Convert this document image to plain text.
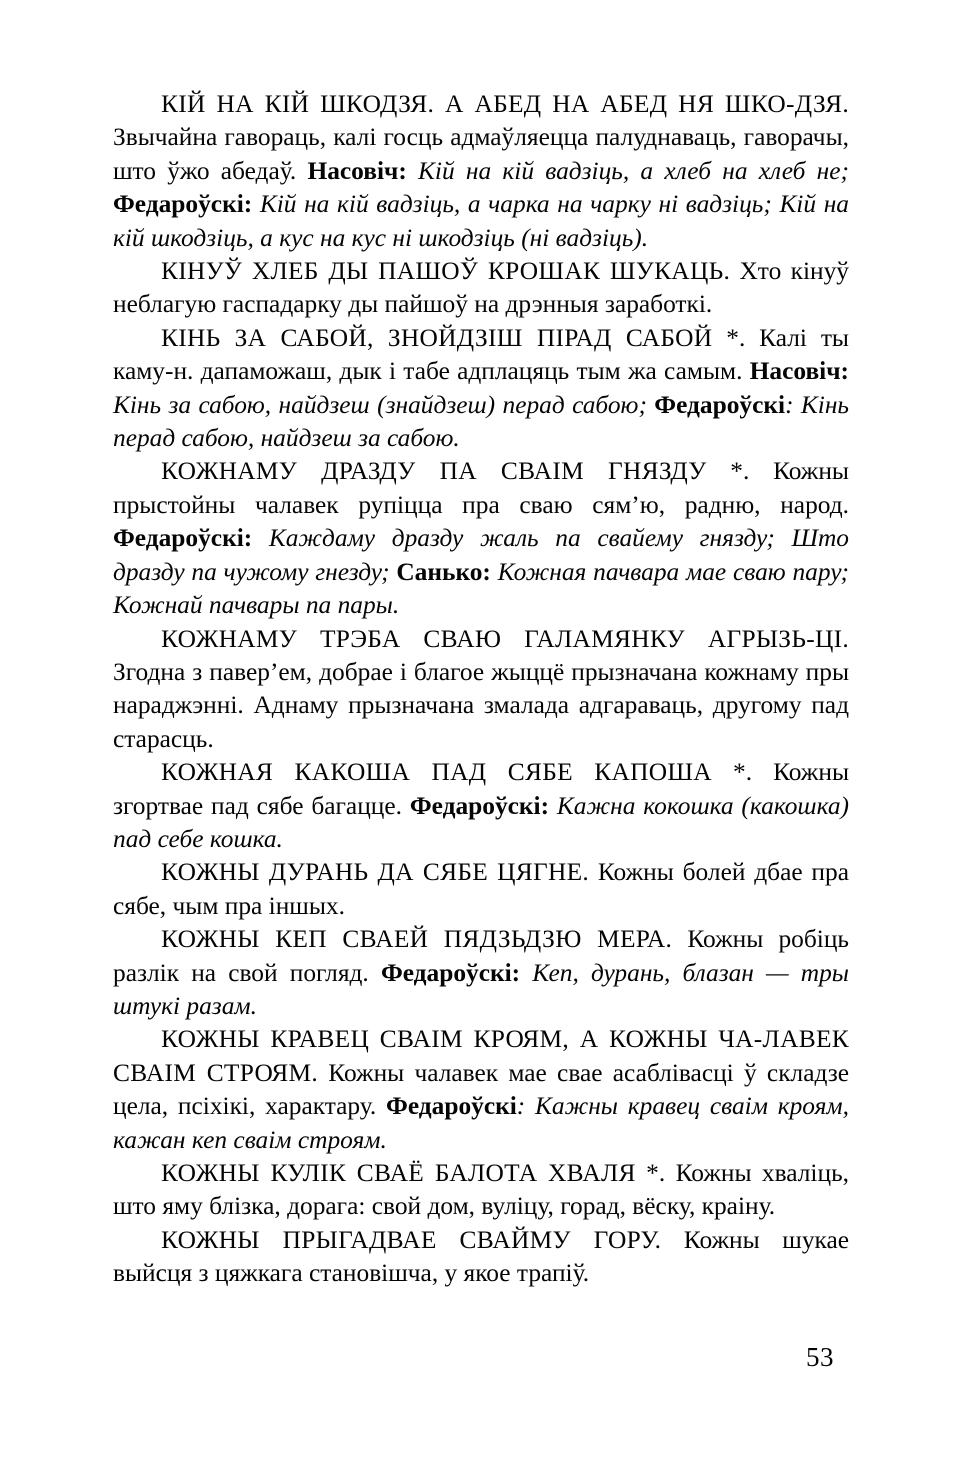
КІЙ НА КІЙ ШКОДЗЯ. А АБЕД НА АБЕД НЯ ШКО-ДЗЯ. Звычайна гавораць, калі госць адмаўляецца палуднаваць, гаворачы, што ўжо абедаў. Насовіч: Кій на кій вадзіць, а хлеб на хлеб не; Федароўскі: Кій на кій вадзіць, а чарка на чарку ні вадзіць; Кій на кій шкодзіць, а кус на кус ні шкодзіць (ні вадзіць).

КІНУЎ ХЛЕБ ДЫ ПАШОЎ КРОШАК ШУКАЦЬ. Хто кінуў неблагую гаспадарку ды пайшоў на дрэнныя заработкі.

КІНЬ ЗА САБОЙ, ЗНОЙДЗІШ ПІРАД САБОЙ *. Калі ты каму-н. дапаможаш, дык і табе адплацяць тым жа самым. Насовіч: Кінь за сабою, найдзеш (знайдзеш) перад сабою; Федароўскі: Кінь перад сабою, найдзеш за сабою.

КОЖНАМУ ДРАЗДУ ПА СВАІМ ГНЯЗДУ *. Кожны прыстойны чалавек рупіцца пра сваю сям’ю, радню, народ. Федароўскі: Каждаму дразду жаль па свайему гнязду; Што дразду па чужому гнезду; Санько: Кожная пачвара мае сваю пару; Кожнай пачвары па пары.

КОЖНАМУ ТРЭБА СВАЮ ГАЛАМЯНКУ АГРЫЗЬ-ЦІ. Згодна з павер’ем, добрае і благое жыццё прызначана кожнаму пры нараджэнні. Аднаму прызначана змалада адгараваць, другому пад старасць.

КОЖНАЯ КАКОША ПАД СЯБЕ КАПОША *. Кожны згортвае пад сябе багацце. Федароўскі: Кажна кокошка (какошка) пад себе кошка.

КОЖНЫ ДУРАНЬ ДА СЯБЕ ЦЯГНЕ. Кожны болей дбае пра сябе, чым пра іншых.

КОЖНЫ КЕП СВАЕЙ ПЯДЗЬДЗЮ МЕРА. Кожны робіць разлік на свой погляд. Федароўскі: Кеп, дурань, блазан — тры штукі разам.

КОЖНЫ КРАВЕЦ СВАІМ КРОЯМ, А КОЖНЫ ЧА-ЛАВЕК СВАІМ СТРОЯМ. Кожны чалавек мае свае асаблівасці ў складзе цела, псіхікі, характару. Федароўскі: Кажны кравец сваім кроям, кажан кеп сваім строям.

КОЖНЫ КУЛІК СВАЁ БАЛОТА ХВАЛЯ *. Кожны хваліць, што яму блізка, дорага: свой дом, вуліцу, горад, вёску, краіну.

КОЖНЫ ПРЫГАДВАЕ СВАЙМУ ГОРУ. Кожны шукае выйсця з цяжкага становішча, у якое трапіў.

53
